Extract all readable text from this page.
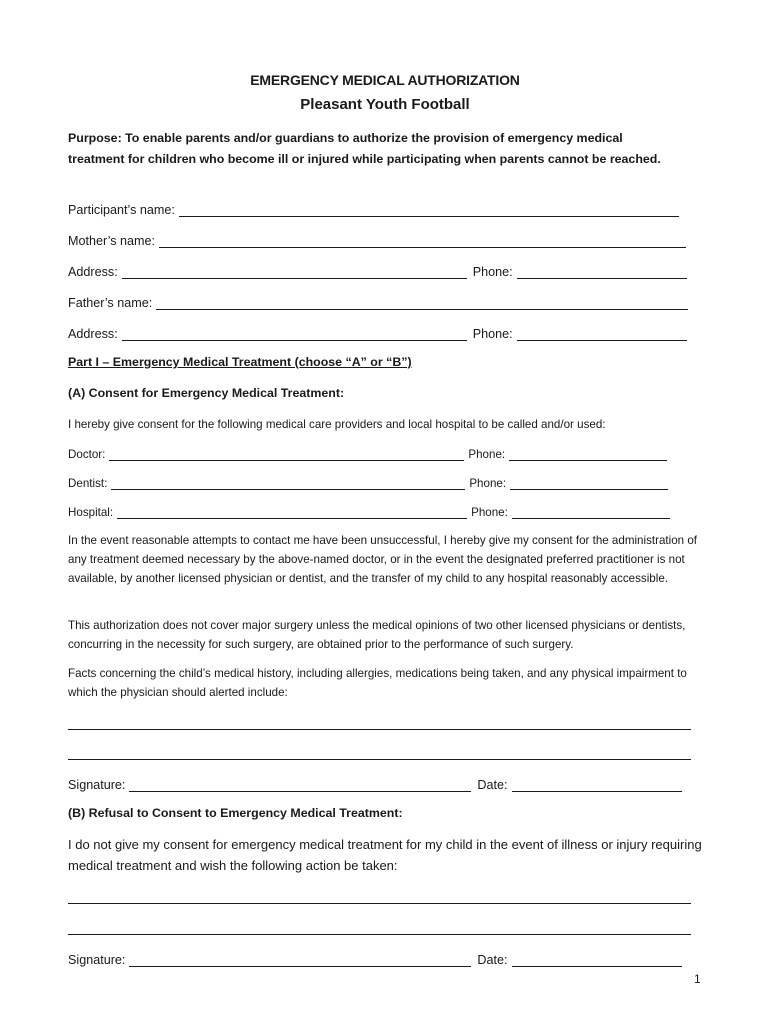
EMERGENCY MEDICAL AUTHORIZATION
Pleasant Youth Football
Purpose: To enable parents and/or guardians to authorize the provision of emergency medical treatment for children who become ill or injured while participating when parents cannot be reached.
Participant’s name:
Mother’s name:
Address:	Phone:
Father’s name:
Address:	Phone:
Part I – Emergency Medical Treatment (choose “A” or “B”)
(A) Consent for Emergency Medical Treatment:
I hereby give consent for the following medical care providers and local hospital to be called and/or used:
Doctor:	Phone:
Dentist:	Phone:
Hospital:	Phone:
In the event reasonable attempts to contact me have been unsuccessful, I hereby give my consent for the administration of any treatment deemed necessary by the above-named doctor, or in the event the designated preferred practitioner is not available, by another licensed physician or dentist, and the transfer of my child to any hospital reasonably accessible.
This authorization does not cover major surgery unless the medical opinions of two other licensed physicians or dentists, concurring in the necessity for such surgery, are obtained prior to the performance of such surgery.
Facts concerning the child’s medical history, including allergies, medications being taken, and any physical impairment to which the physician should alerted include:
Signature:	Date:
(B) Refusal to Consent to Emergency Medical Treatment:
I do not give my consent for emergency medical treatment for my child in the event of illness or injury requiring medical treatment and wish the following action be taken:
Signature:	Date:
1
